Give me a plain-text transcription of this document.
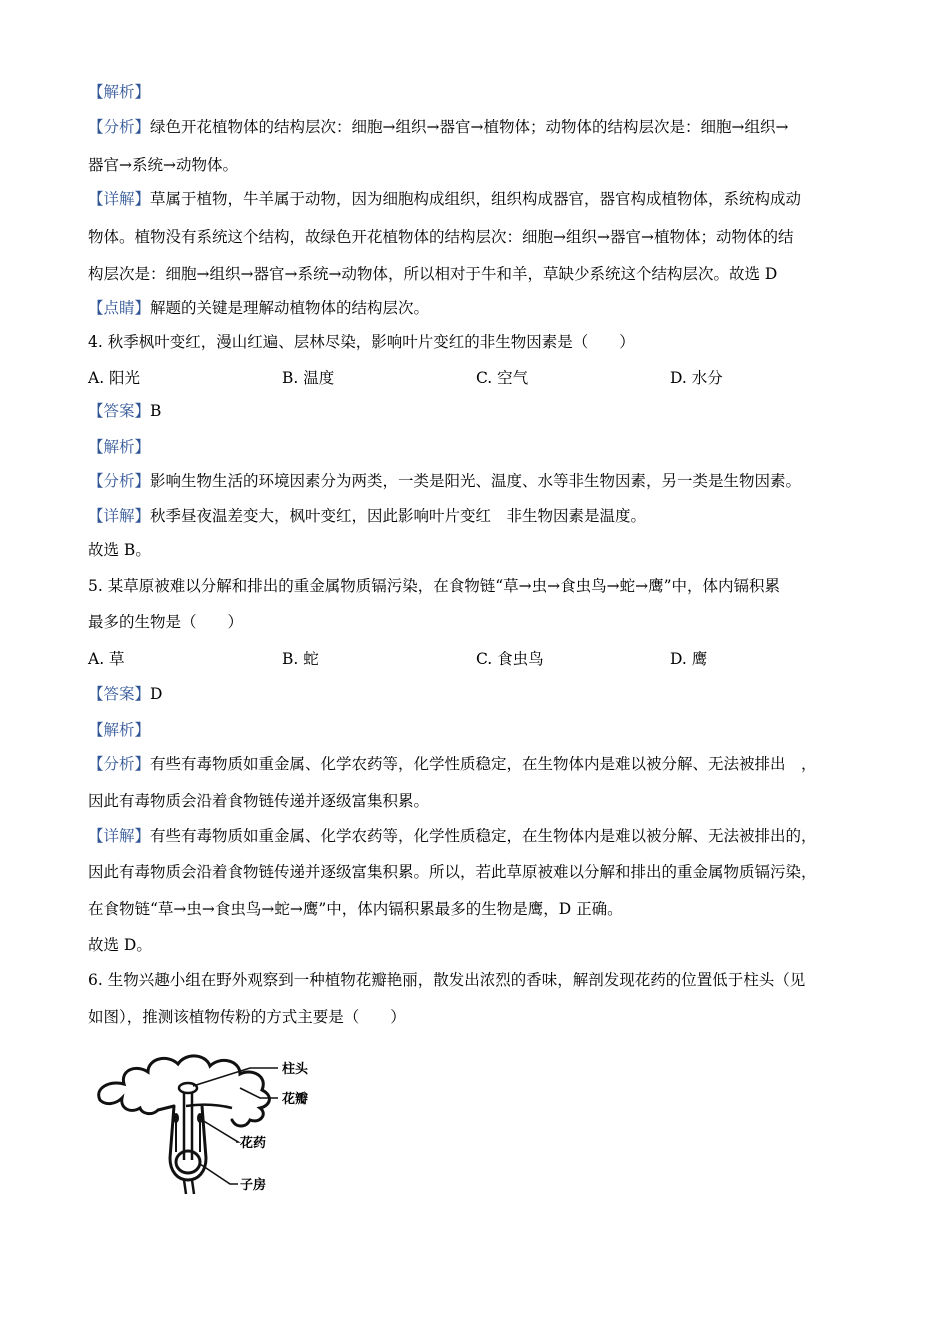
【解析】
【分析】绿色开花植物体的结构层次：细胞→组织→器官→植物体；动物体的结构层次是：细胞→组织→
器官→系统→动物体。
【详解】草属于植物，牛羊属于动物，因为细胞构成组织，组织构成器官，器官构成植物体，系统构成动
物体。植物没有系统这个结构，故绿色开花植物体的结构层次：细胞→组织→器官→植物体；动物体的结
构层次是：细胞→组织→器官→系统→动物体，所以相对于牛和羊，草缺少系统这个结构层次。故选 D
【点睛】解题的关键是理解动植物体的结构层次。
4. 秋季枫叶变红，漫山红遍、层林尽染，影响叶片变红的非生物因素是（　　）
A. 阳光	B. 温度	C. 空气	D. 水分
【答案】B
【解析】
【分析】影响生物生活的环境因素分为两类，一类是阳光、温度、水等非生物因素，另一类是生物因素。
【详解】秋季昼夜温差变大，枫叶变红，因此影响叶片变红　非生物因素是温度。
故选 B。
5. 某草原被难以分解和排出的重金属物质镉污染，在食物链“草→虫→食虫鸟→蛇→鹰”中，体内镉积累
最多的生物是（　　）
A. 草	B. 蛇	C. 食虫鸟	D. 鹰
【答案】D
【解析】
【分析】有些有毒物质如重金属、化学农药等，化学性质稳定，在生物体内是难以被分解、无法被排出　，
因此有毒物质会沿着食物链传递并逐级富集积累。
【详解】有些有毒物质如重金属、化学农药等，化学性质稳定，在生物体内是难以被分解、无法被排出的，
因此有毒物质会沿着食物链传递并逐级富集积累。所以，若此草原被难以分解和排出的重金属物质镉污染，
在食物链“草→虫→食虫鸟→蛇→鹰”中，体内镉积累最多的生物是鹰，D 正确。
故选 D。
6. 生物兴趣小组在野外观察到一种植物花瓣艳丽，散发出浓烈的香味，解剖发现花药的位置低于柱头（见
如图），推测该植物传粉的方式主要是（　　）
柱头
花瓣
花药
子房
